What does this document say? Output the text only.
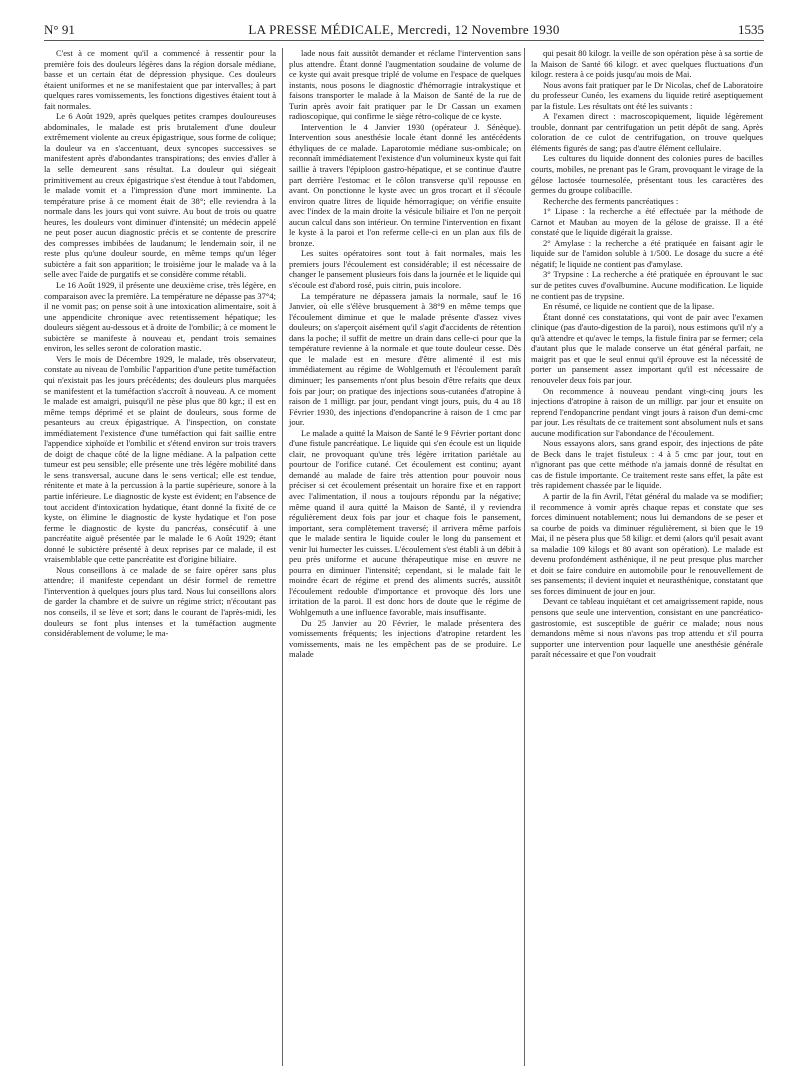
N° 91	LA PRESSE MÉDICALE, Mercredi, 12 Novembre 1930	1535

C'est à ce moment qu'il a commencé à ressentir pour la première fois des douleurs légères dans la région dorsale médiane, basse et un certain état de dépression physique. Ces douleurs étaient uniformes et ne se manifestaient que par intervalles; à part quelques rares vomissements, les fonctions digestives étaient tout à fait normales.

Le 6 Août 1929, après quelques petites crampes douloureuses abdominales, le malade est pris brutalement d'une douleur extrêmement violente au creux épigastrique, sous forme de colique; la douleur va en s'accentuant, deux syncopes successives se manifestent après d'abondantes transpirations; des envies d'aller à la selle demeurent sans résultat. La douleur qui siégeait primitivement au creux épigastrique s'est étendue à tout l'abdomen, le malade vomit et a l'impression d'une mort imminente. La température prise à ce moment était de 38°; elle reviendra à la normale dans les jours qui vont suivre. Au bout de trois ou quatre heures, les douleurs vont diminuer d'intensité; un médecin appelé ne peut poser aucun diagnostic précis et se contente de prescrire des compresses imbibées de laudanum; le lendemain soir, il ne reste plus qu'une douleur sourde, en même temps qu'un léger subictère a fait son apparition; le troisième jour le malade va à la selle avec l'aide de purgatifs et se considère comme rétabli.

Le 16 Août 1929, il présente une deuxième crise, très légère, en comparaison avec la première. La température ne dépasse pas 37°4; il ne vomit pas; on pense soit à une intoxication alimentaire, soit à une appendicite chronique avec retentissement hépatique; les douleurs siègent au-dessous et à droite de l'ombilic; à ce moment le subictère se manifeste à nouveau et, pendant trois semaines environ, les selles seront de coloration mastic.

Vers le mois de Décembre 1929, le malade, très observateur, constate au niveau de l'ombilic l'apparition d'une petite tuméfaction qui n'existait pas les jours précédents; des douleurs plus marquées se manifestent et la tuméfaction s'accroît à nouveau. A ce moment le malade est amaigri, puisqu'il ne pèse plus que 80 kgr.; il est en même temps déprimé et se plaint de douleurs, sous forme de pesanteurs au creux épigastrique. A l'inspection, on constate immédiatement l'existence d'une tuméfaction qui fait saillie entre l'appendice xiphoïde et l'ombilic et s'étend environ sur trois travers de doigt de chaque côté de la ligne médiane. A la palpation cette tumeur est peu sensible; elle présente une très légère mobilité dans le sens transversal, aucune dans le sens vertical; elle est tendue, rénitente et mate à la percussion à la partie supérieure, sonore à la partie inférieure. Le diagnostic de kyste est évident; en l'absence de tout accident d'intoxication hydatique, étant donné la fixité de ce kyste, on élimine le diagnostic de kyste hydatique et l'on pose ferme le diagnostic de kyste du pancréas, consécutif à une pancréatite aiguë présentée par le malade le 6 Août 1929; étant donné le subictère présenté à deux reprises par ce malade, il est vraisemblable que cette pancréatite est d'origine biliaire.

Nous conseillons à ce malade de se faire opérer sans plus attendre; il manifeste cependant un désir formel de remettre l'intervention à quelques jours plus tard. Nous lui conseillons alors de garder la chambre et de suivre un régime strict; n'écoutant pas nos conseils, il se lève et sort; dans le courant de l'après-midi, les douleurs se font plus intenses et la tuméfaction augmente considérablement de volume; le ma-

lade nous fait aussitôt demander et réclame l'intervention sans plus attendre. Étant donné l'augmentation soudaine de volume de ce kyste qui avait presque triplé de volume en l'espace de quelques instants, nous posons le diagnostic d'hémorragie intrakystique et faisons transporter le malade à la Maison de Santé de la rue de Turin après avoir fait pratiquer par le Dr Cassan un examen radioscopique, qui confirme le siège rétro-colique de ce kyste.

Intervention le 4 Janvier 1930 (opérateur J. Sénèque). Intervention sous anesthésie locale étant donné les antécédents éthyliques de ce malade. Laparotomie médiane sus-ombicale; on reconnaît immédiatement l'existence d'un volumineux kyste qui fait saillie à travers l'épiploon gastro-hépatique, et se continue d'autre part derrière l'estomac et le côlon transverse qu'il repousse en avant. On ponctionne le kyste avec un gros trocart et il s'écoule environ quatre litres de liquide hémorragique; on vérifie ensuite avec l'index de la main droite la vésicule biliaire et l'on ne perçoit aucun calcul dans son intérieur. On termine l'intervention en fixant le kyste à la paroi et l'on referme celle-ci en un plan aux fils de bronze.

Les suites opératoires sont tout à fait normales, mais les premiers jours l'écoulement est considérable; il est nécessaire de changer le pansement plusieurs fois dans la journée et le liquide qui s'écoule est d'abord rosé, puis citrin, puis incolore.

La température ne dépassera jamais la normale, sauf le 16 Janvier, où elle s'élève brusquement à 38°9 en même temps que l'écoulement diminue et que le malade présente d'assez vives douleurs; on s'aperçoit aisément qu'il s'agit d'accidents de rétention dans la poche; il suffit de mettre un drain dans celle-ci pour que la température revienne à la normale et que toute douleur cesse. Dès que le malade est en mesure d'être alimenté il est mis immédiatement au régime de Wohlgemuth et l'écoulement paraît diminuer; les pansements n'ont plus besoin d'être refaits que deux fois par jour; on pratique des injections sous-cutanées d'atropine à raison de 1 milligr. par jour, pendant vingt jours, puis, du 4 au 18 Février 1930, des injections d'endopancrine à raison de 1 cmc par jour.

Le malade a quitté la Maison de Santé le 9 Février portant donc d'une fistule pancréatique. Le liquide qui s'en écoule est un liquide clair, ne provoquant qu'une très légère irritation pariétale au pourtour de l'orifice cutané. Cet écoulement est continu; ayant demandé au malade de faire très attention pour pouvoir nous préciser si cet écoulement présentait un horaire fixe et en rapport avec l'alimentation, il nous a toujours répondu par la négative; même quand il aura quitté la Maison de Santé, il y reviendra régulièrement deux fois par jour et chaque fois le pansement, important, sera complètement traversé; il arrivera même parfois que le malade sentira le liquide couler le long du pansement et venir lui humecter les cuisses. L'écoulement s'est établi à un débit à peu près uniforme et aucune thérapeutique mise en œuvre ne pourra en diminuer l'intensité; cependant, si le malade fait le moindre écart de régime et prend des aliments sucrés, aussitôt l'écoulement redouble d'importance et provoque dès lors une irritation de la paroi. Il est donc hors de doute que le régime de Wohlgemuth a une influence favorable, mais insuffisante.

Du 25 Janvier au 20 Février, le malade présentera des vomissements fréquents; les injections d'atropine retardent les vomissements, mais ne les empêchent pas de se produire. Le malade

qui pesait 80 kilogr. la veille de son opération pèse à sa sortie de la Maison de Santé 66 kilogr. et avec quelques fluctuations d'un kilogr. restera à ce poids jusqu'au mois de Mai.

Nous avons fait pratiquer par le Dr Nicolas, chef de Laboratoire du professeur Cunéo, les examens du liquide retiré aseptiquement par la fistule. Les résultats ont été les suivants :

A l'examen direct : macroscopiquement, liquide légèrement trouble, donnant par centrifugation un petit dépôt de sang. Après coloration de ce culot de centrifugation, on trouve quelques éléments figurés de sang; pas d'autre élément cellulaire.

Les cultures du liquide donnent des colonies pures de bacilles courts, mobiles, ne prenant pas le Gram, provoquant le virage de la gélose lactosée tournesolée, présentant tous les caractères des germes du groupe colibacille.

Recherche des ferments pancréatiques :

1° Lipase : la recherche a été effectuée par la méthode de Carnot et Mauban au moyen de la gélose de graisse. Il a été constaté que le liquide digérait la graisse.

2° Amylase : la recherche a été pratiquée en faisant agir le liquide sur de l'amidon soluble à 1/500. Le dosage du sucre a été négatif; le liquide ne contient pas d'amylase.

3° Trypsine : La recherche a été pratiquée en éprouvant le suc sur de petites cuves d'ovalbumine. Aucune modification. Le liquide ne contient pas de trypsine.

En résumé, ce liquide ne contient que de la lipase.

Étant donné ces constatations, qui vont de pair avec l'examen clinique (pas d'auto-digestion de la paroi), nous estimons qu'il n'y a qu'à attendre et qu'avec le temps, la fistule finira par se fermer; cela d'autant plus que le malade conserve un état général parfait, ne maigrit pas et que le seul ennui qu'il éprouve est la nécessité de porter un pansement assez important qu'il est nécessaire de renouveler deux fois par jour.

On recommence à nouveau pendant vingt-cinq jours les injections d'atropine à raison de un milligr. par jour et ensuite on reprend l'endopancrine pendant vingt jours à raison d'un demi-cmc par jour. Les résultats de ce traitement sont absolument nuls et sans aucune modification sur l'abondance de l'écoulement.

Nous essayons alors, sans grand espoir, des injections de pâte de Beck dans le trajet fistuleux : 4 à 5 cmc par jour, tout en n'ignorant pas que cette méthode n'a jamais donné de résultat en cas de fistule importante. Ce traitement reste sans effet, la pâte est très rapidement chassée par le liquide.

A partir de la fin Avril, l'état général du malade va se modifier; il recommence à vomir après chaque repas et constate que ses forces diminuent notablement; nous lui demandons de se peser et sa courbe de poids va diminuer régulièrement, si bien que le 19 Mai, il ne pèsera plus que 58 kiligr. et demi (alors qu'il pesait avant sa maladie 109 kilogs et 80 avant son opération). Le malade est devenu profondément asthénique, il ne peut presque plus marcher et doit se faire conduire en automobile pour le renouvellement de ses pansements; il devient inquiet et neurasthénique, constatant que ses forces diminuent de jour en jour.

Devant ce tableau inquiétant et cet amaigrissement rapide, nous pensons que seule une intervention, consistant en une pancréatico-gastrostomie, est susceptible de guérir ce malade; nous nous demandons même si nous n'avons pas trop attendu et s'il pourra supporter une intervention pour laquelle une anesthésie générale paraît nécessaire et que l'on voudrait
